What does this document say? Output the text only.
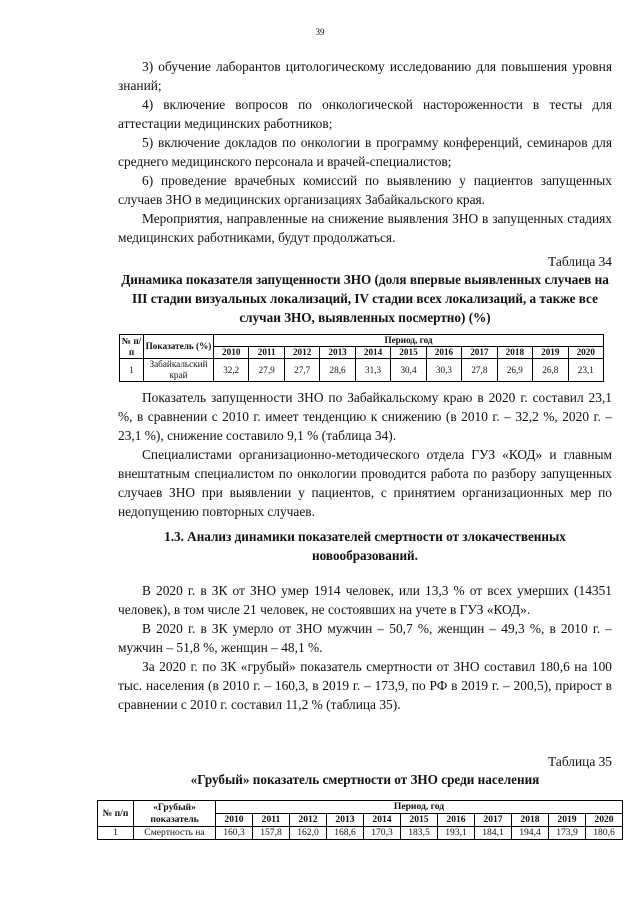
39

3) обучение лаборантов цитологическому исследованию для повышения уровня знаний;

4) включение вопросов по онкологической настороженности в тесты для аттестации медицинских работников;

5) включение докладов по онкологии в программу конференций, семинаров для среднего медицинского персонала и врачей-специалистов;

6) проведение врачебных комиссий по выявлению у пациентов запущенных случаев ЗНО в медицинских организациях Забайкальского края.

Мероприятия, направленные на снижение выявления ЗНО в запущенных стадиях медицинских работниками, будут продолжаться.

Таблица 34
Динамика показателя запущенности ЗНО (доля впервые выявленных случаев на III стадии визуальных локализаций, IV стадии всех локализаций, а также все случаи ЗНО, выявленных посмертно) (%)
№ п/п	Показатель (%)	Период, год										
		2010	2011	2012	2013	2014	2015	2016	2017	2018	2019	2020
1	Забайкальский край	32,2	27,9	27,7	28,6	31,3	30,4	30,3	27,8	26,9	26,8	23,1

Показатель запущенности ЗНО по Забайкальскому краю в 2020 г. составил 23,1 %, в сравнении с 2010 г. имеет тенденцию к снижению (в 2010 г. – 32,2 %, 2020 г. – 23,1 %), снижение составило 9,1 % (таблица 34).

Специалистами организационно-методического отдела ГУЗ «КОД» и главным внештатным специалистом по онкологии проводится работа по разбору запущенных случаев ЗНО при выявлении у пациентов, с принятием организационных мер по недопущению повторных случаев.

1.3. Анализ динамики показателей смертности от злокачественных новообразований.

В 2020 г. в ЗК от ЗНО умер 1914 человек, или 13,3 % от всех умерших (14351 человек), в том числе 21 человек, не состоявших на учете в ГУЗ «КОД».

В 2020 г. в ЗК умерло от ЗНО мужчин – 50,7 %, женщин – 49,3 %, в 2010 г. – мужчин – 51,8 %, женщин – 48,1 %.

За 2020 г. по ЗК «грубый» показатель смертности от ЗНО составил 180,6 на 100 тыс. населения (в 2010 г. – 160,3, в 2019 г. – 173,9, по РФ в 2019 г. – 200,5), прирост в сравнении с 2010 г. составил 11,2 % (таблица 35).

Таблица 35
«Грубый» показатель смертности от ЗНО среди населения
№ п/п	«Грубый» показатель	Период, год										
		2010	2011	2012	2013	2014	2015	2016	2017	2018	2019	2020
1	Смертность на	160,3	157,8	162,0	168,6	170,3	183,5	193,1	184,1	194,4	173,9	180,6
